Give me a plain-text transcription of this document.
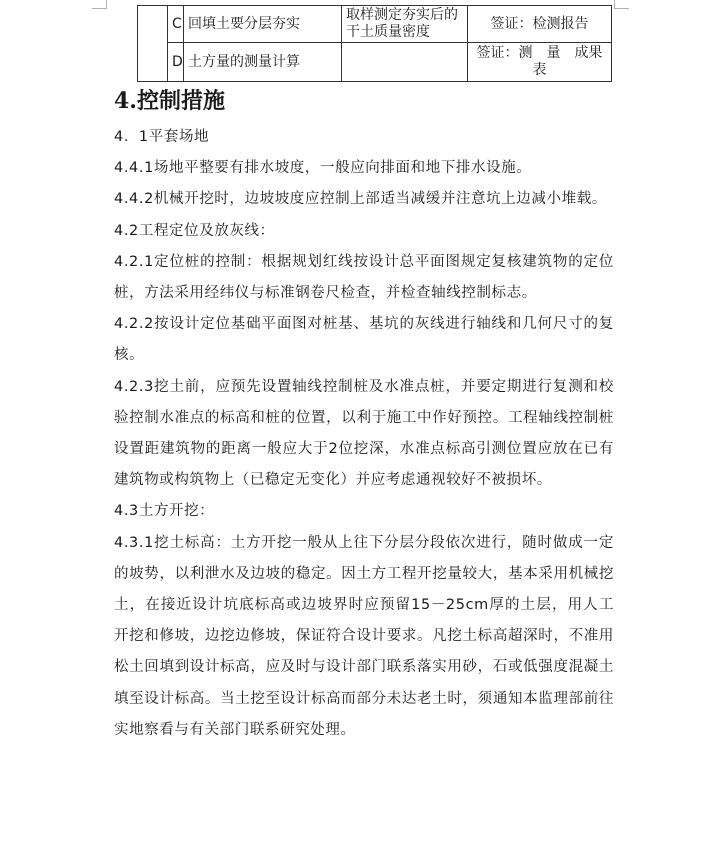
	C	回填土要分层夯实	取样测定夯实后的干土质量密度	签证：检测报告
	D	土方量的测量计算		签证：测　量　成果表
4.控制措施

4．1平套场地

4.4.1场地平整要有排水坡度，一般应向排面和地下排水设施。

4.4.2机械开挖时，边坡坡度应控制上部适当减缓并注意坑上边减小堆载。

4.2工程定位及放灰线：

4.2.1定位桩的控制：根据规划红线按设计总平面图规定复核建筑物的定位桩，方法采用经纬仪与标准钢卷尺检查，并检查轴线控制标志。

4.2.2按设计定位基础平面图对桩基、基坑的灰线进行轴线和几何尺寸的复核。

4.2.3挖土前，应预先设置轴线控制桩及水准点桩，并要定期进行复测和校验控制水准点的标高和桩的位置，以利于施工中作好预控。工程轴线控制桩设置距建筑物的距离一般应大于2位挖深，水准点标高引测位置应放在已有建筑物或构筑物上（已稳定无变化）并应考虑通视较好不被损坏。

4.3土方开挖：

4.3.1挖土标高：土方开挖一般从上往下分层分段依次进行，随时做成一定的坡势，以利泄水及边坡的稳定。因土方工程开挖量较大，基本采用机械挖土，在接近设计坑底标高或边坡界时应预留15－25cm厚的土层，用人工开挖和修坡，边挖边修坡，保证符合设计要求。凡挖土标高超深时，不准用松土回填到设计标高，应及时与设计部门联系落实用砂，石或低强度混凝土填至设计标高。当土挖至设计标高而部分未达老土时，须通知本监理部前往实地察看与有关部门联系研究处理。
